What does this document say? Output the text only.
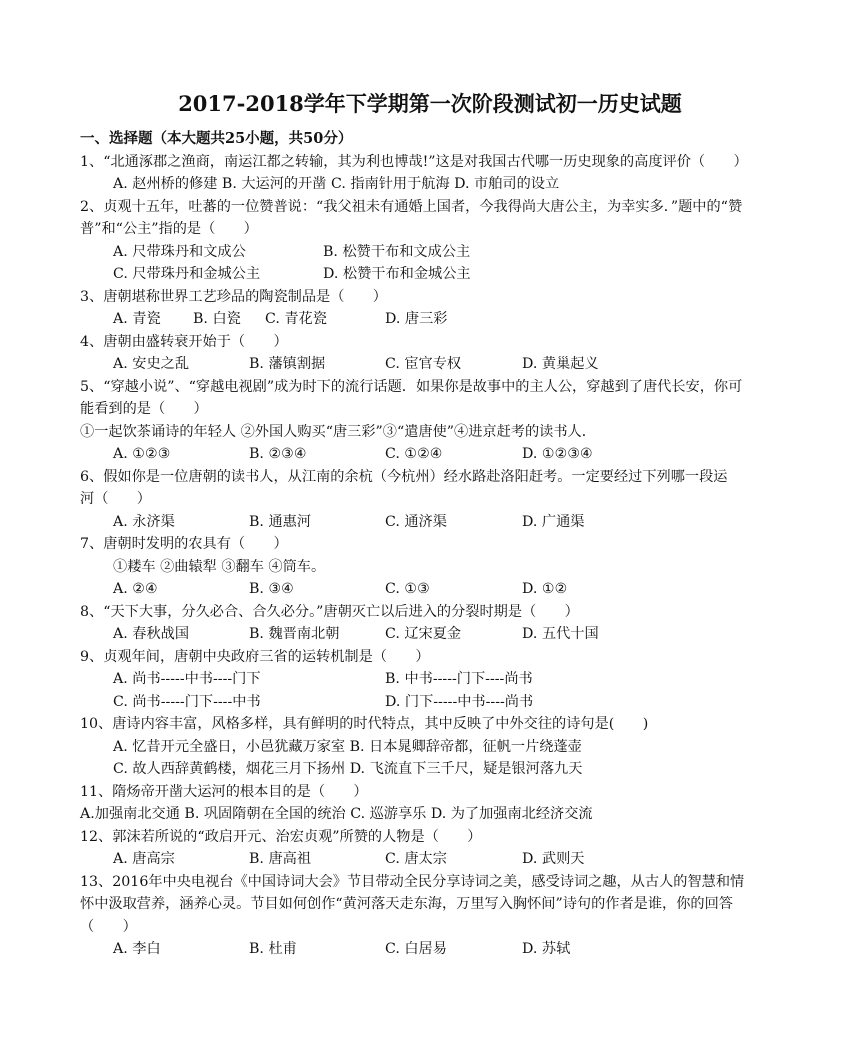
2017-2018学年下学期第一次阶段测试初一历史试题
一、选择题（本大题共25小题，共50分）
1、“北通涿郡之渔商，南运江都之转输，其为利也博哉!”这是对我国古代哪一历史现象的高度评价（　　）
A. 赵州桥的修建 B. 大运河的开凿 C. 指南针用于航海 D. 市舶司的设立
2、贞观十五年，吐蕃的一位赞普说：“我父祖未有通婚上国者，今我得尚大唐公主，为幸实多．”题中的“赞
普”和“公主”指的是（　　）
A. 尺带珠丹和文成公	B. 松赞干布和文成公主
C. 尺带珠丹和金城公主	D. 松赞干布和金城公主
3、唐朝堪称世界工艺珍品的陶瓷制品是（　　）
A. 青瓷 B. 白瓷 C. 青花瓷	D. 唐三彩
4、唐朝由盛转衰开始于（　　）
A. 安史之乱	B. 藩镇割据	C. 宦官专权	D. 黄巢起义
5、“穿越小说”、“穿越电视剧”成为时下的流行话题．如果你是故事中的主人公，穿越到了唐代长安，你可
能看到的是（　　）
①一起饮茶诵诗的年轻人 ②外国人购买“唐三彩”③“遣唐使”④进京赶考的读书人．
A. ①②③	B. ②③④	C. ①②④	D. ①②③④
6、假如你是一位唐朝的读书人，从江南的余杭（今杭州）经水路赴洛阳赶考。一定要经过下列哪一段运
河（　　）
A. 永济渠	B. 通惠河	C. 通济渠	D. 广通渠
7、唐朝时发明的农具有（　　）
①耧车 ②曲辕犁 ③翻车 ④筒车。
A. ②④	B. ③④	C. ①③	D. ①②
8、“天下大事，分久必合、合久必分。”唐朝灭亡以后进入的分裂时期是（　　）
A. 春秋战国	B. 魏晋南北朝	C. 辽宋夏金	D. 五代十国
9、贞观年间，唐朝中央政府三省的运转机制是（　　）
A. 尚书-----中书----门下	B. 中书-----门下----尚书
C. 尚书-----门下----中书	D. 门下-----中书----尚书
10、唐诗内容丰富，风格多样，具有鲜明的时代特点，其中反映了中外交往的诗句是(　　)
A. 忆昔开元全盛日，小邑犹藏万家室 B. 日本晁卿辞帝都，征帆一片绕蓬壶
C. 故人西辞黄鹤楼，烟花三月下扬州 D. 飞流直下三千尺，疑是银河落九天
11、隋炀帝开凿大运河的根本目的是（　　）
A.加强南北交通 B. 巩固隋朝在全国的统治 C. 巡游享乐 D. 为了加强南北经济交流
12、郭沫若所说的“政启开元、治宏贞观”所赞的人物是（　　）
A. 唐高宗	B. 唐高祖	C. 唐太宗	D. 武则天
13、2016年中央电视台《中国诗词大会》节目带动全民分享诗词之美，感受诗词之趣，从古人的智慧和情
怀中汲取营养，涵养心灵。节目如何创作“黄河落天走东海，万里写入胸怀间”诗句的作者是谁，你的回答
（　　）
A. 李白	B. 杜甫	C. 白居易	D. 苏轼
